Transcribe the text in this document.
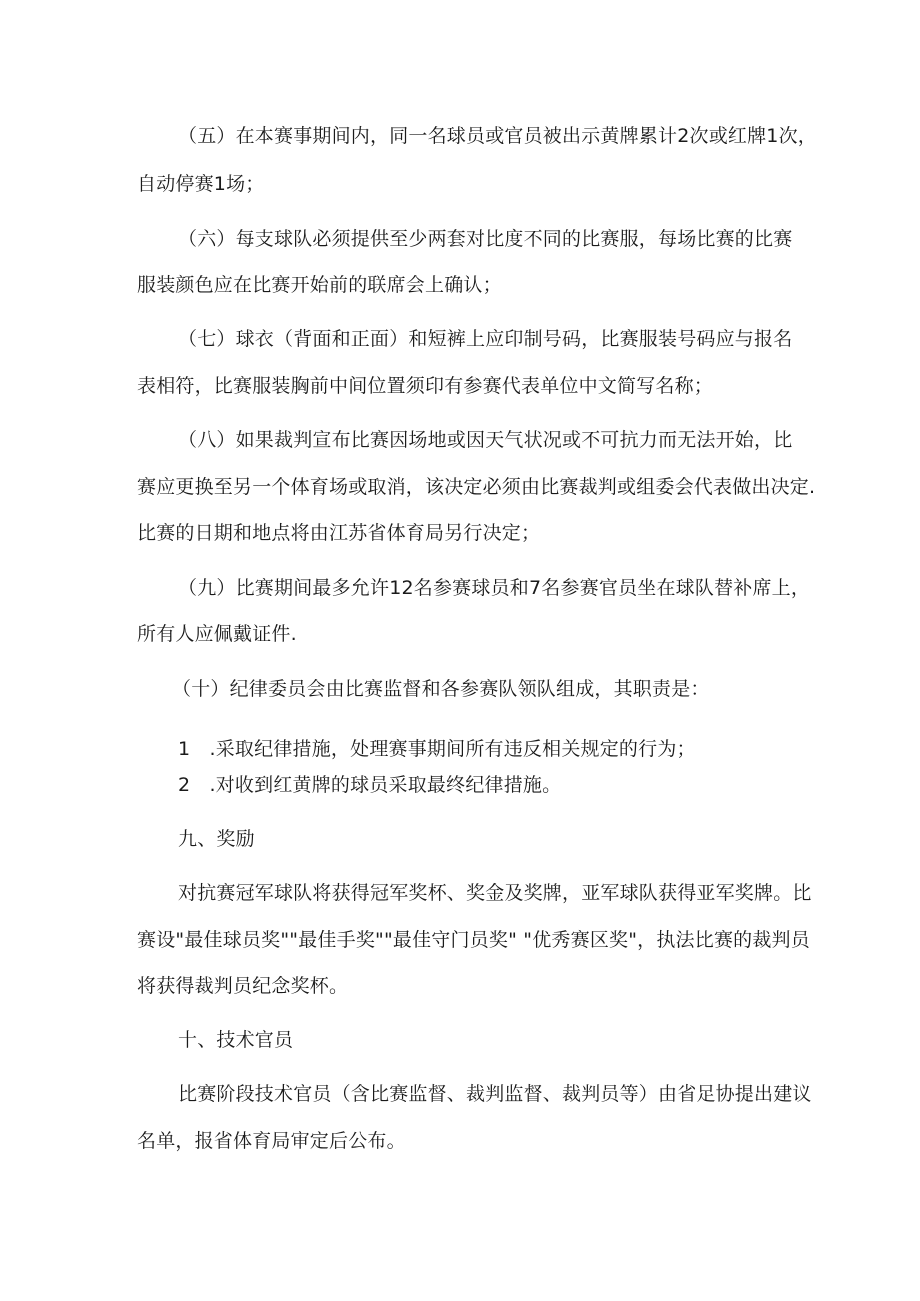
（五）在本赛事期间内，同一名球员或官员被出示黄牌累计2次或红牌1次，
自动停赛1场；
（六）每支球队必须提供至少两套对比度不同的比赛服，每场比赛的比赛
服装颜色应在比赛开始前的联席会上确认；
（七）球衣（背面和正面）和短裤上应印制号码，比赛服装号码应与报名
表相符，比赛服装胸前中间位置须印有参赛代表单位中文简写名称；
（八）如果裁判宣布比赛因场地或因天气状况或不可抗力而无法开始，比
赛应更换至另一个体育场或取消，该决定必须由比赛裁判或组委会代表做出决定.
比赛的日期和地点将由江苏省体育局另行决定；
（九）比赛期间最多允许12名参赛球员和7名参赛官员坐在球队替补席上，
所有人应佩戴证件.
（十）纪律委员会由比赛监督和各参赛队领队组成，其职责是：
1　.采取纪律措施，处理赛事期间所有违反相关规定的行为；
2　.对收到红黄牌的球员采取最终纪律措施。
九、奖励
对抗赛冠军球队将获得冠军奖杯、奖金及奖牌，亚军球队获得亚军奖牌。比
赛设"最佳球员奖""最佳手奖""最佳守门员奖" "优秀赛区奖"，执法比赛的裁判员
将获得裁判员纪念奖杯。
十、技术官员
比赛阶段技术官员（含比赛监督、裁判监督、裁判员等）由省足协提出建议
名单，报省体育局审定后公布。
